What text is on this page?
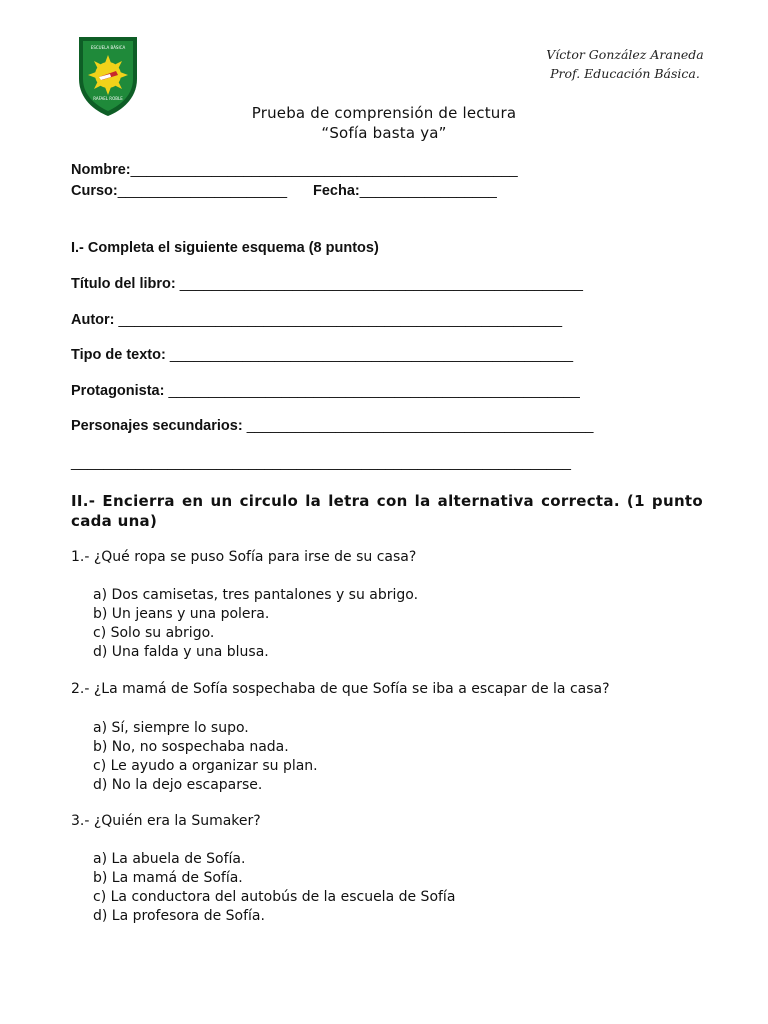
ESCUELA BÁSICA
RAFAEL ROBLE
Víctor González Araneda
Prof. Educación Básica.
Prueba de comprensión de lectura
“Sofía basta ya”
Nombre:________________________________________________
Curso:_____________________ Fecha:_________________
I.- Completa el siguiente esquema (8 puntos)
Título del libro: __________________________________________________
Autor: _______________________________________________________
Tipo de texto: __________________________________________________
Protagonista: ___________________________________________________
Personajes secundarios: ___________________________________________
______________________________________________________________
II.- Encierra en un circulo la letra con la alternativa correcta. (1 punto cada una)
1.- ¿Qué ropa se puso Sofía para irse de su casa?
a) Dos camisetas, tres pantalones y su abrigo.
b) Un jeans y una polera.
c) Solo su abrigo.
d) Una falda y una blusa.
2.- ¿La mamá de Sofía sospechaba de que Sofía se iba a escapar de la casa?
a) Sí, siempre lo supo.
b) No, no sospechaba nada.
c) Le ayudo a organizar su plan.
d) No la dejo escaparse.
3.- ¿Quién era la Sumaker?
a) La abuela de Sofía.
b) La mamá de Sofía.
c) La conductora del autobús de la escuela de Sofía
d) La profesora de Sofía.
